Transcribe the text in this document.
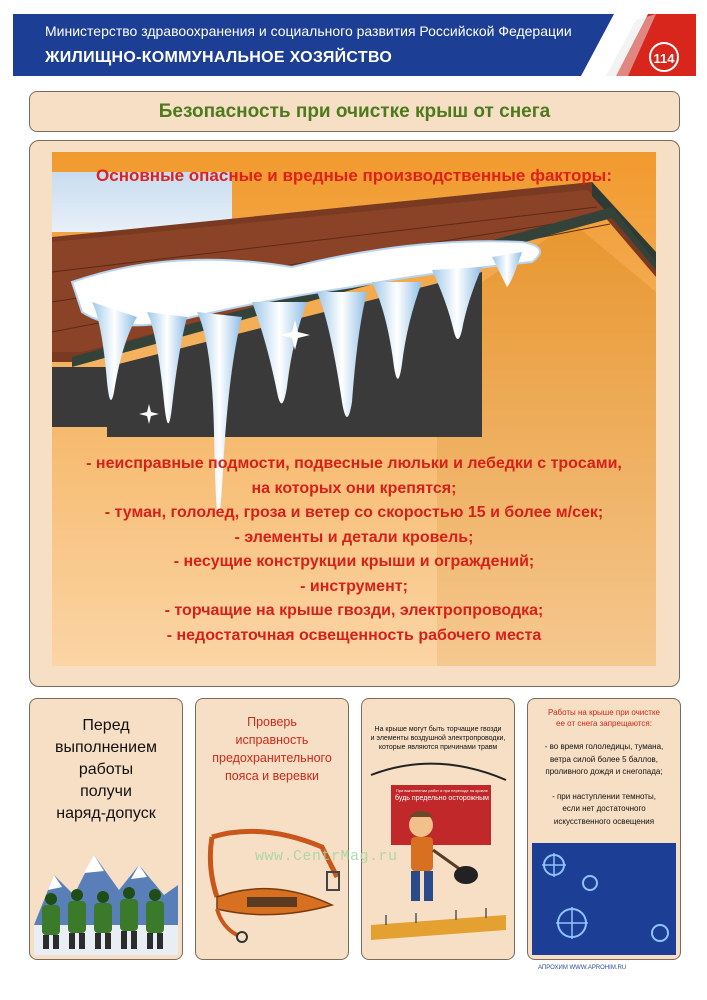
Министерство здравоохранения и социального развития Российской Федерации
ЖИЛИЩНО-КОММУНАЛЬНОЕ ХОЗЯЙСТВО	114
Безопасность при очистке крыш от снега
Основные опасные и вредные производственные факторы:
- неисправные подмости, подвесные люльки и лебедки с тросами,
на которых они крепятся;
- туман, гололед, гроза и ветер со скоростью 15 и более м/сек;
- элементы и детали кровель;
- несущие конструкции крыши и ограждений;
- инструмент;
- торчащие на крыше гвозди, электропроводка;
- недостаточная освещенность рабочего места
Перед
выполнением
работы
получи
наряд-допуск
Проверь
исправность
предохранительного
пояса и веревки
На крыше могут быть торчащие гвозди
и элементы воздушной электропроводки,
которые являются причинами травм
При выполнении работ и при переходе на кровле
будь предельно осторожным
Работы на крыше при очистке
ее от снега запрещаются:
- во время гололедицы, тумана,
ветра силой более 5 баллов,
проливного дождя и снегопада;
- при наступлении темноты,
если нет достаточного
искусственного освещения
www.CentrMag.ru
АПРОХИМ WWW.APROHIM.RU
